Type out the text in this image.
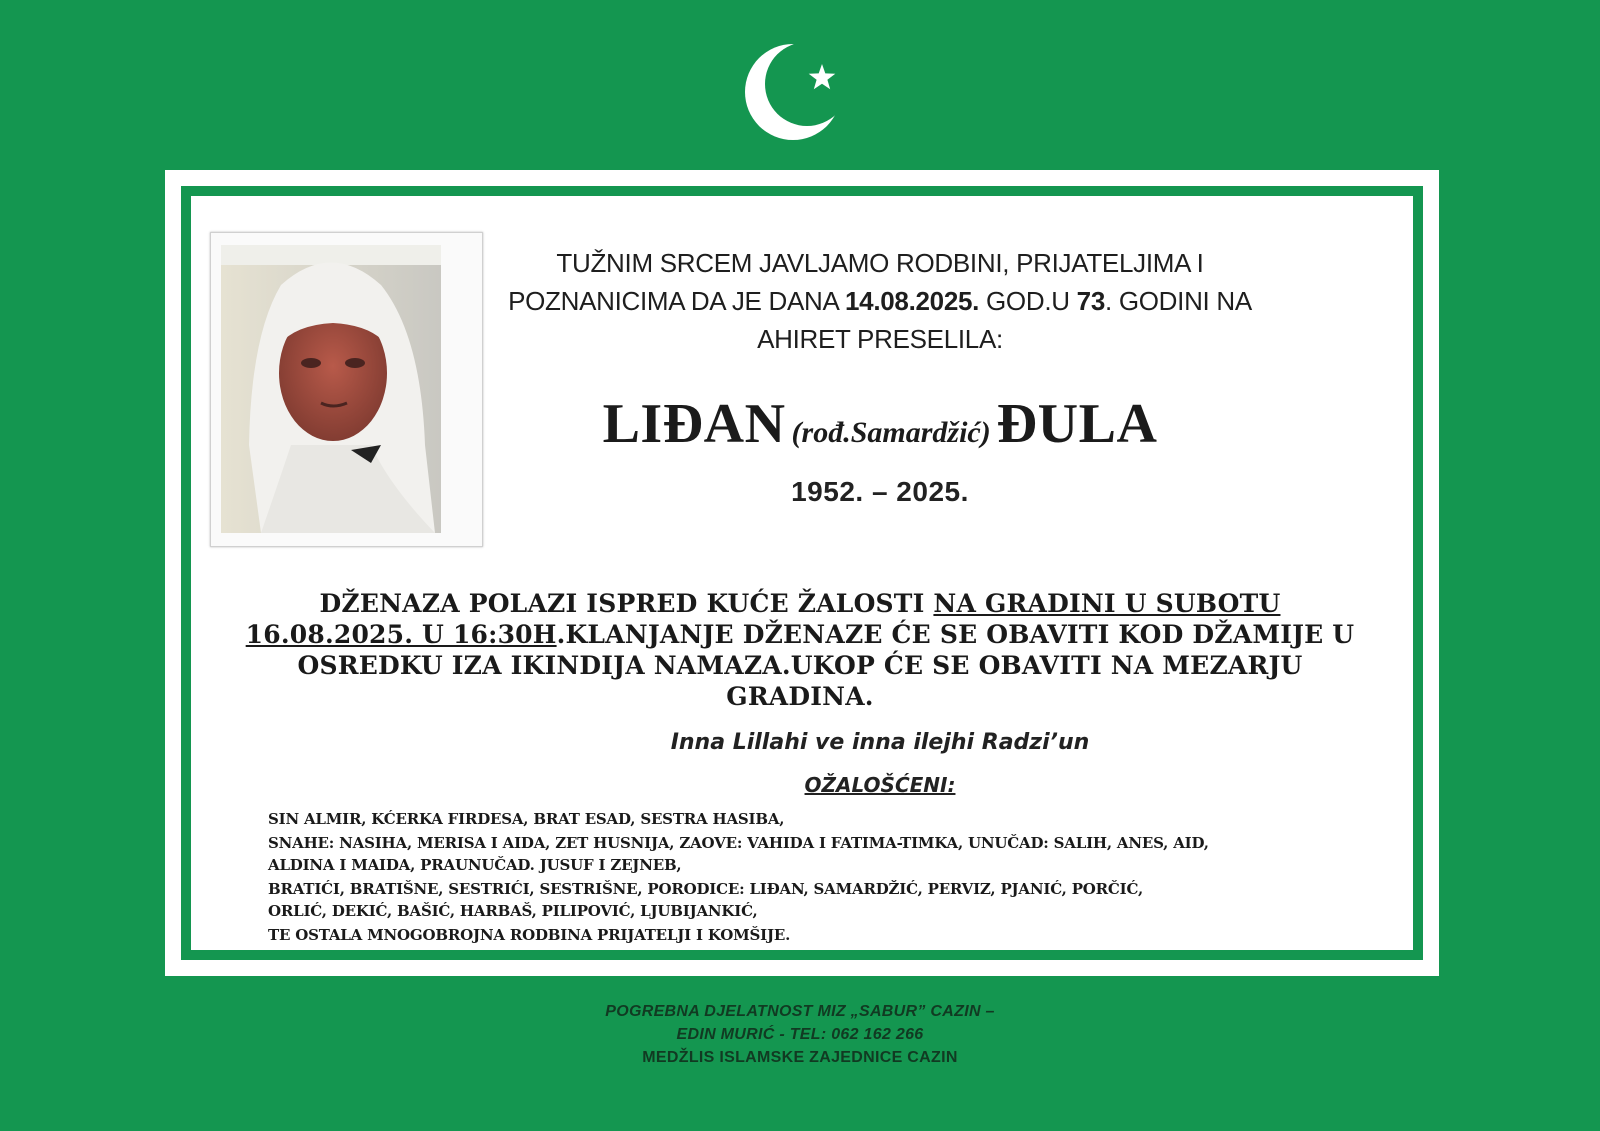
TUŽNIM SRCEM JAVLJAMO RODBINI, PRIJATELJIMA I
POZNANICIMA DA JE DANA 14.08.2025. GOD.U 73. GODINI NA
AHIRET PRESELILA:
LIĐAN (rođ.Samardžić) ĐULA
1952. – 2025.
DŽENAZA POLAZI ISPRED KUĆE ŽALOSTI NA GRADINI U SUBOTU
16.08.2025. U 16:30H.KLANJANJE DŽENAZE ĆE SE OBAVITI KOD DŽAMIJE U OSREDKU IZA IKINDIJA NAMAZA.UKOP ĆE SE OBAVITI NA MEZARJU GRADINA.
Inna Lillahi ve inna ilejhi Radzi’un
OŽALOŠĆENI:

SIN ALMIR, KĆERKA FIRDESA, BRAT ESAD, SESTRA HASIBA,

SNAHE: NASIHA, MERISA I AIDA, ZET HUSNIJA, ZAOVE: VAHIDA I FATIMA-TIMKA, UNUČAD: SALIH, ANES, AID,

ALDINA I MAIDA, PRAUNUČAD. JUSUF I ZEJNEB,

BRATIĆI, BRATIŠNE, SESTRIĆI, SESTRIŠNE, PORODICE: LIĐAN, SAMARDŽIĆ, PERVIZ, PJANIĆ, PORČIĆ,

ORLIĆ, DEKIĆ, BAŠIĆ, HARBAŠ, PILIPOVIĆ, LJUBIJANKIĆ,

TE OSTALA MNOGOBROJNA RODBINA PRIJATELJI I KOMŠIJE.

POGREBNA DJELATNOST MIZ „SABUR” CAZIN –
EDIN MURIĆ - TEL: 062 162 266
MEDŽLIS ISLAMSKE ZAJEDNICE CAZIN
